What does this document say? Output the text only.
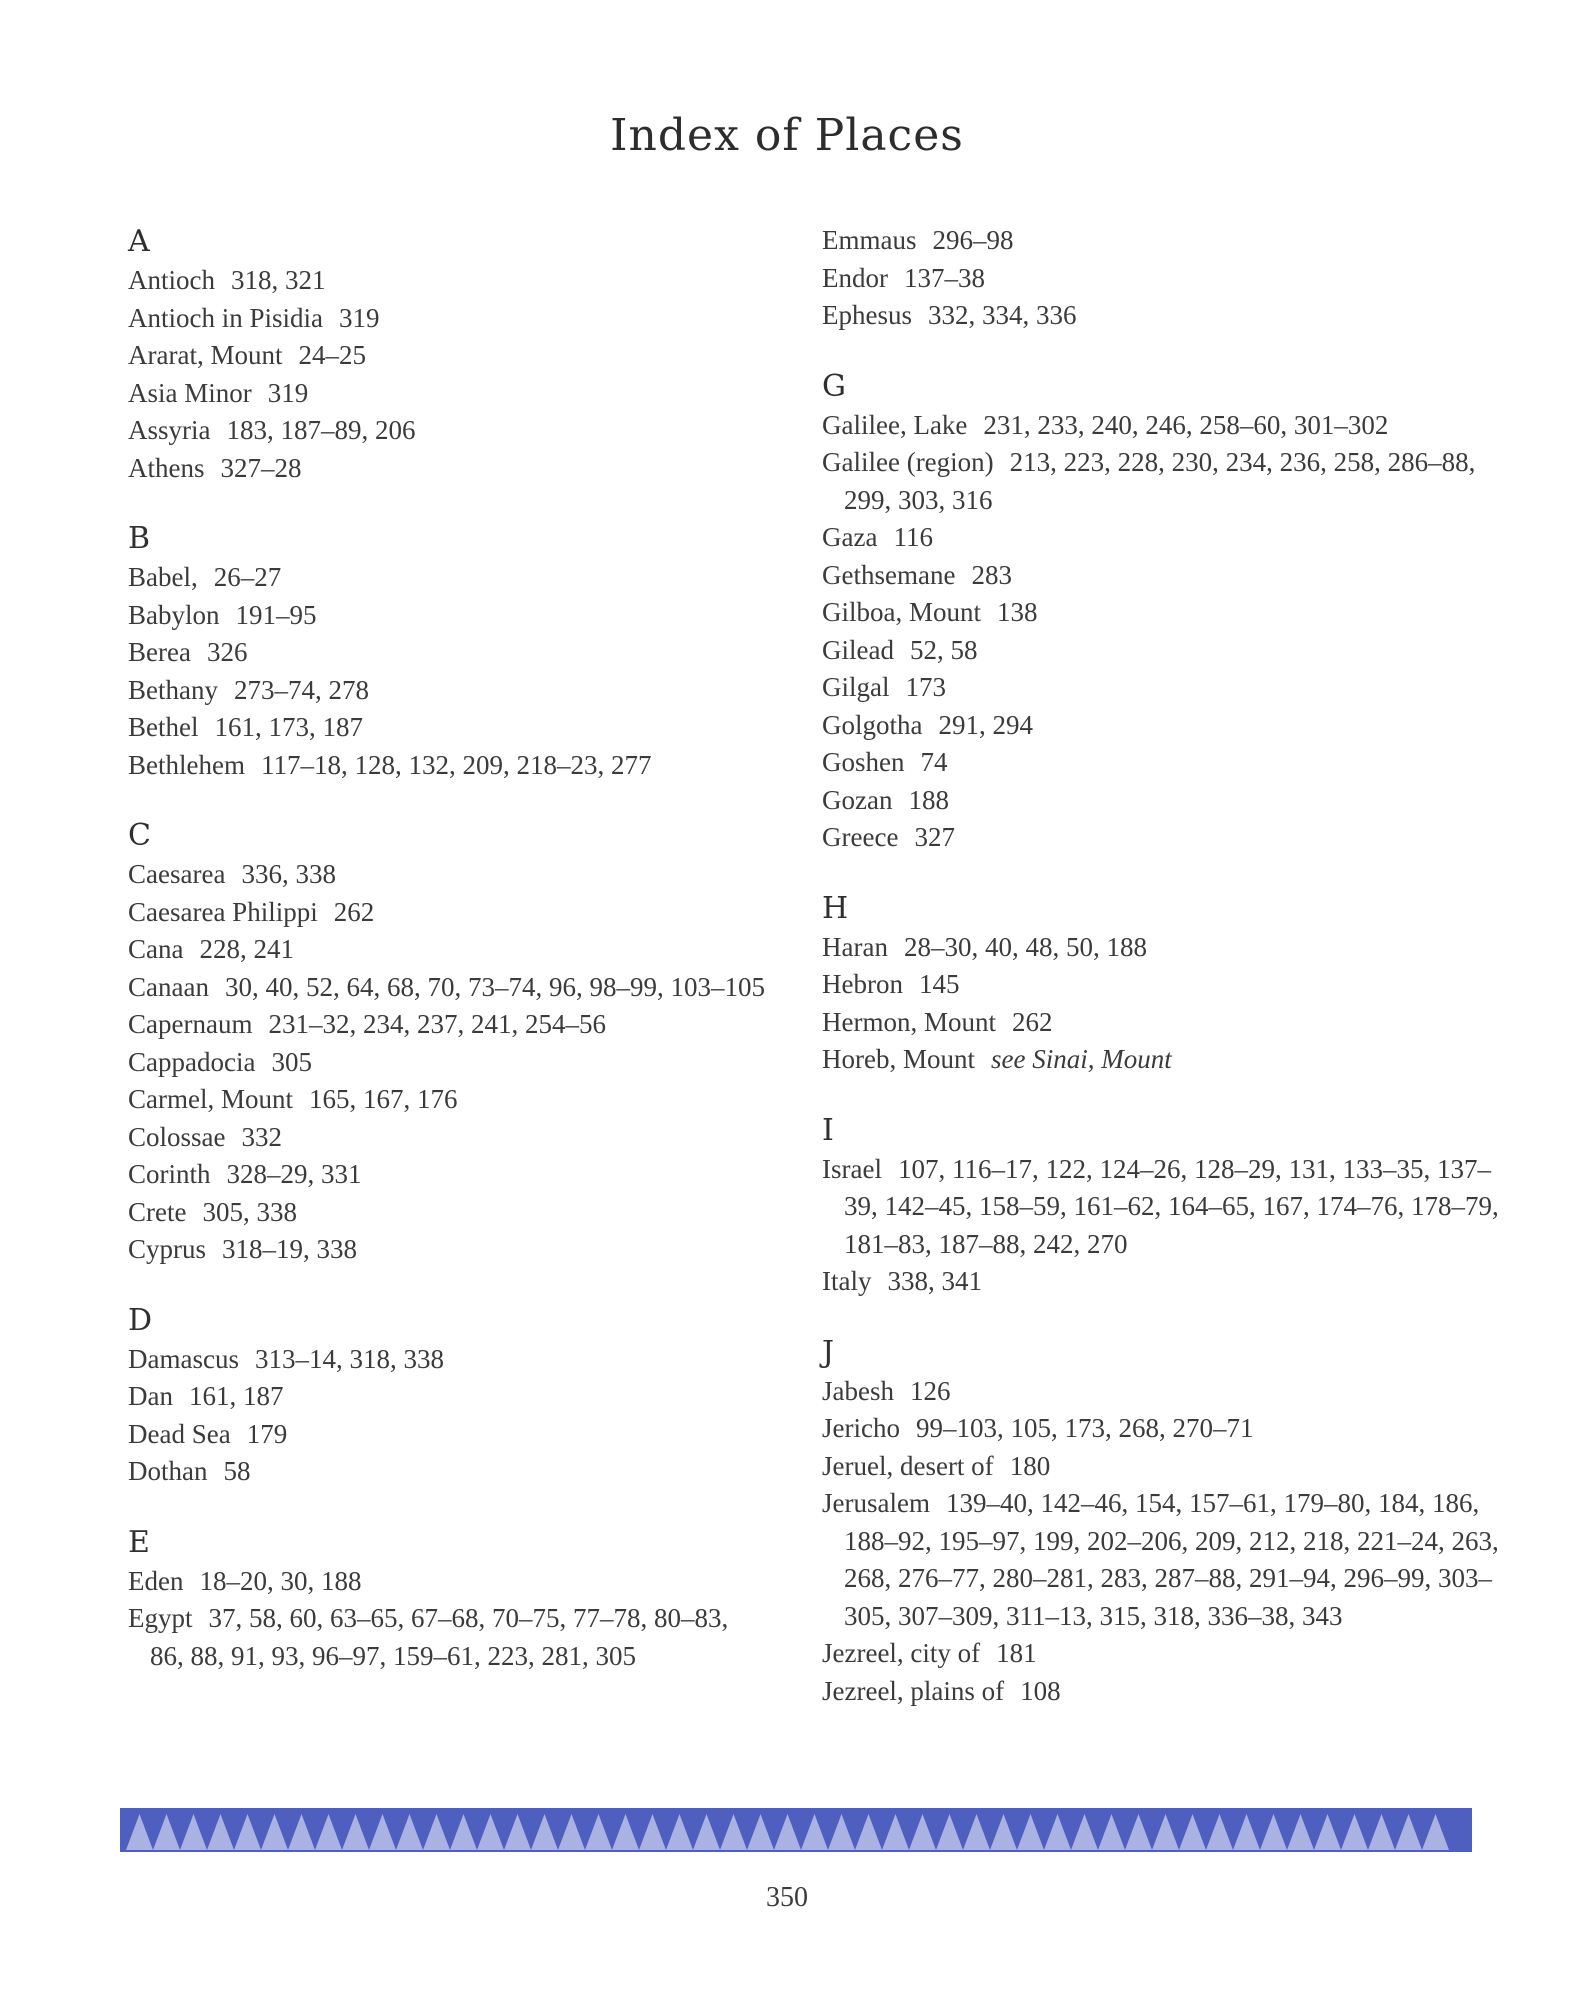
Index of Places
A
Antioch 318, 321
Antioch in Pisidia 319
Ararat, Mount 24–25
Asia Minor 319
Assyria 183, 187–89, 206
Athens 327–28
B
Babel, 26–27
Babylon 191–95
Berea 326
Bethany 273–74, 278
Bethel 161, 173, 187
Bethlehem 117–18, 128, 132, 209, 218–23, 277
C
Caesarea 336, 338
Caesarea Philippi 262
Cana 228, 241
Canaan 30, 40, 52, 64, 68, 70, 73–74, 96, 98–99, 103–105
Capernaum 231–32, 234, 237, 241, 254–56
Cappadocia 305
Carmel, Mount 165, 167, 176
Colossae 332
Corinth 328–29, 331
Crete 305, 338
Cyprus 318–19, 338
D
Damascus 313–14, 318, 338
Dan 161, 187
Dead Sea 179
Dothan 58
E
Eden 18–20, 30, 188
Egypt 37, 58, 60, 63–65, 67–68, 70–75, 77–78, 80–83, 86, 88, 91, 93, 96–97, 159–61, 223, 281, 305
Emmaus 296–98
Endor 137–38
Ephesus 332, 334, 336
G
Galilee, Lake 231, 233, 240, 246, 258–60, 301–302
Galilee (region) 213, 223, 228, 230, 234, 236, 258, 286–88, 299, 303, 316
Gaza 116
Gethsemane 283
Gilboa, Mount 138
Gilead 52, 58
Gilgal 173
Golgotha 291, 294
Goshen 74
Gozan 188
Greece 327
H
Haran 28–30, 40, 48, 50, 188
Hebron 145
Hermon, Mount 262
Horeb, Mount see Sinai, Mount
I
Israel 107, 116–17, 122, 124–26, 128–29, 131, 133–35, 137–39, 142–45, 158–59, 161–62, 164–65, 167, 174–76, 178–79, 181–83, 187–88, 242, 270
Italy 338, 341
J
Jabesh 126
Jericho 99–103, 105, 173, 268, 270–71
Jeruel, desert of 180
Jerusalem 139–40, 142–46, 154, 157–61, 179–80, 184, 186, 188–92, 195–97, 199, 202–206, 209, 212, 218, 221–24, 263, 268, 276–77, 280–281, 283, 287–88, 291–94, 296–99, 303–305, 307–309, 311–13, 315, 318, 336–38, 343
Jezreel, city of 181
Jezreel, plains of 108
350
